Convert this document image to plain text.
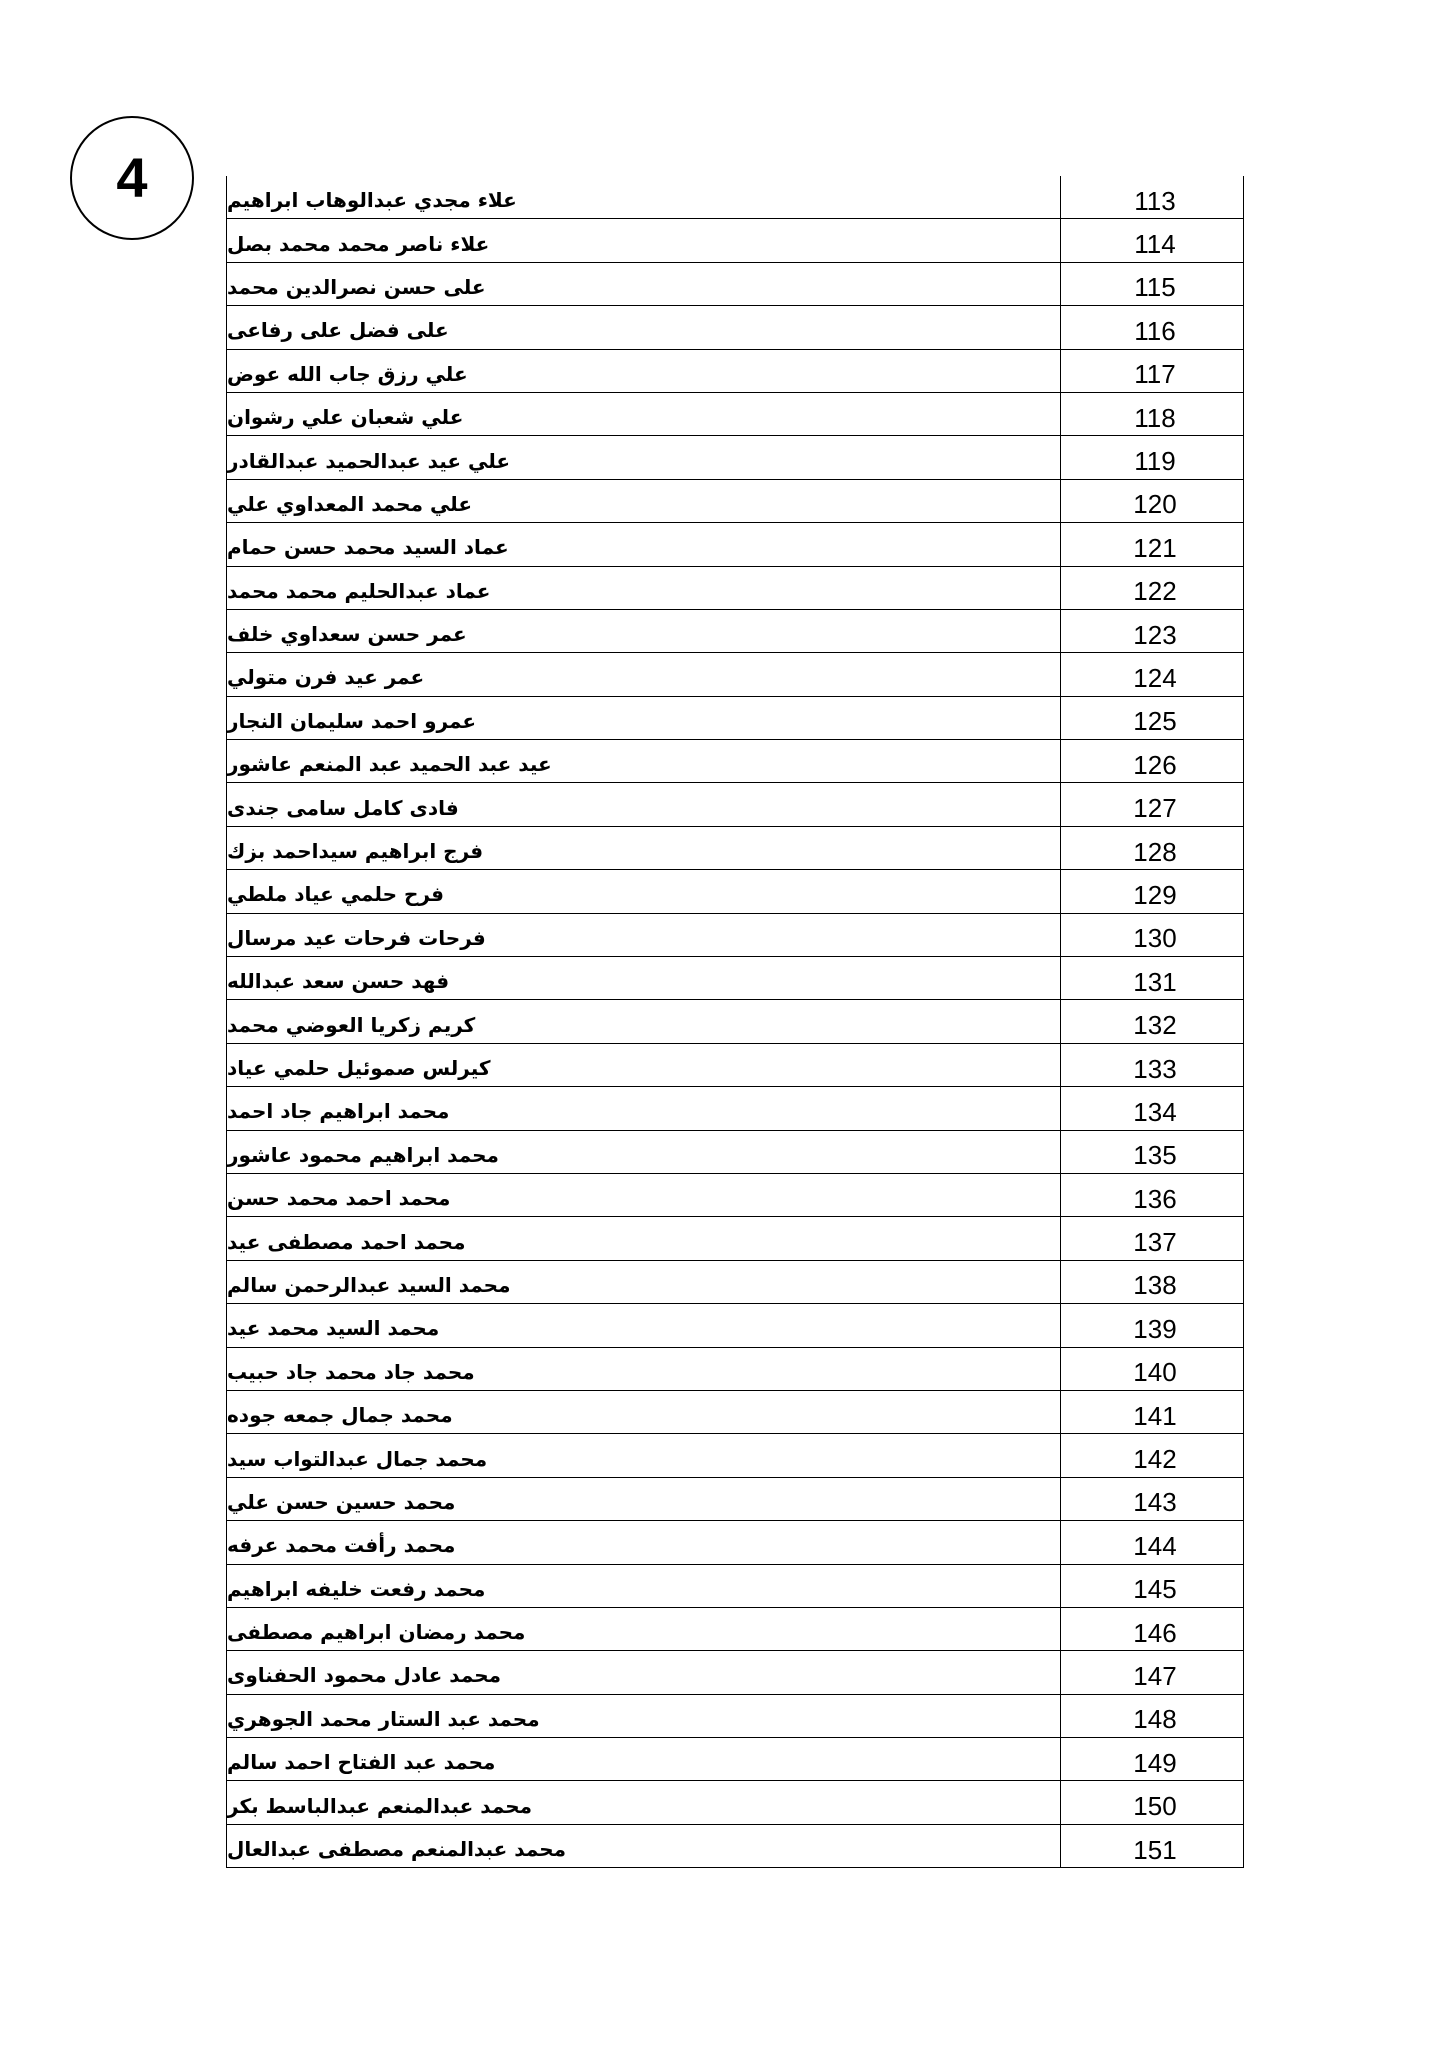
4	علاء مجدي عبدالوهاب ابراهيم	113
علاء ناصر محمد محمد بصل	114
على حسن نصرالدين محمد	115
على فضل على رفاعى	116
علي رزق جاب الله عوض	117
علي شعبان علي رشوان	118
علي عيد عبدالحميد عبدالقادر	119
علي محمد المعداوي علي	120
عماد السيد محمد حسن حمام	121
عماد عبدالحليم محمد محمد	122
عمر حسن سعداوي خلف	123
عمر عيد فرن متولي	124
عمرو احمد سليمان النجار	125
عيد عبد الحميد عبد المنعم عاشور	126
فادى كامل سامى جندى	127
فرج ابراهيم سيداحمد بزك	128
فرح حلمي عياد ملطي	129
فرحات فرحات عيد مرسال	130
فهد حسن سعد عبدالله	131
كريم زكريا العوضي محمد	132
كيرلس صموئيل حلمي عياد	133
محمد ابراهيم جاد احمد	134
محمد ابراهيم محمود عاشور	135
محمد احمد محمد حسن	136
محمد احمد مصطفى عيد	137
محمد السيد عبدالرحمن سالم	138
محمد السيد محمد عيد	139
محمد جاد محمد جاد حبيب	140
محمد جمال جمعه جوده	141
محمد جمال عبدالتواب سيد	142
محمد حسين حسن علي	143
محمد رأفت محمد عرفه	144
محمد رفعت خليفه ابراهيم	145
محمد رمضان ابراهيم مصطفى	146
محمد عادل محمود الحفناوى	147
محمد عبد الستار محمد الجوهري	148
محمد عبد الفتاح احمد سالم	149
محمد عبدالمنعم عبدالباسط بكر	150
محمد عبدالمنعم مصطفى عبدالعال	151
